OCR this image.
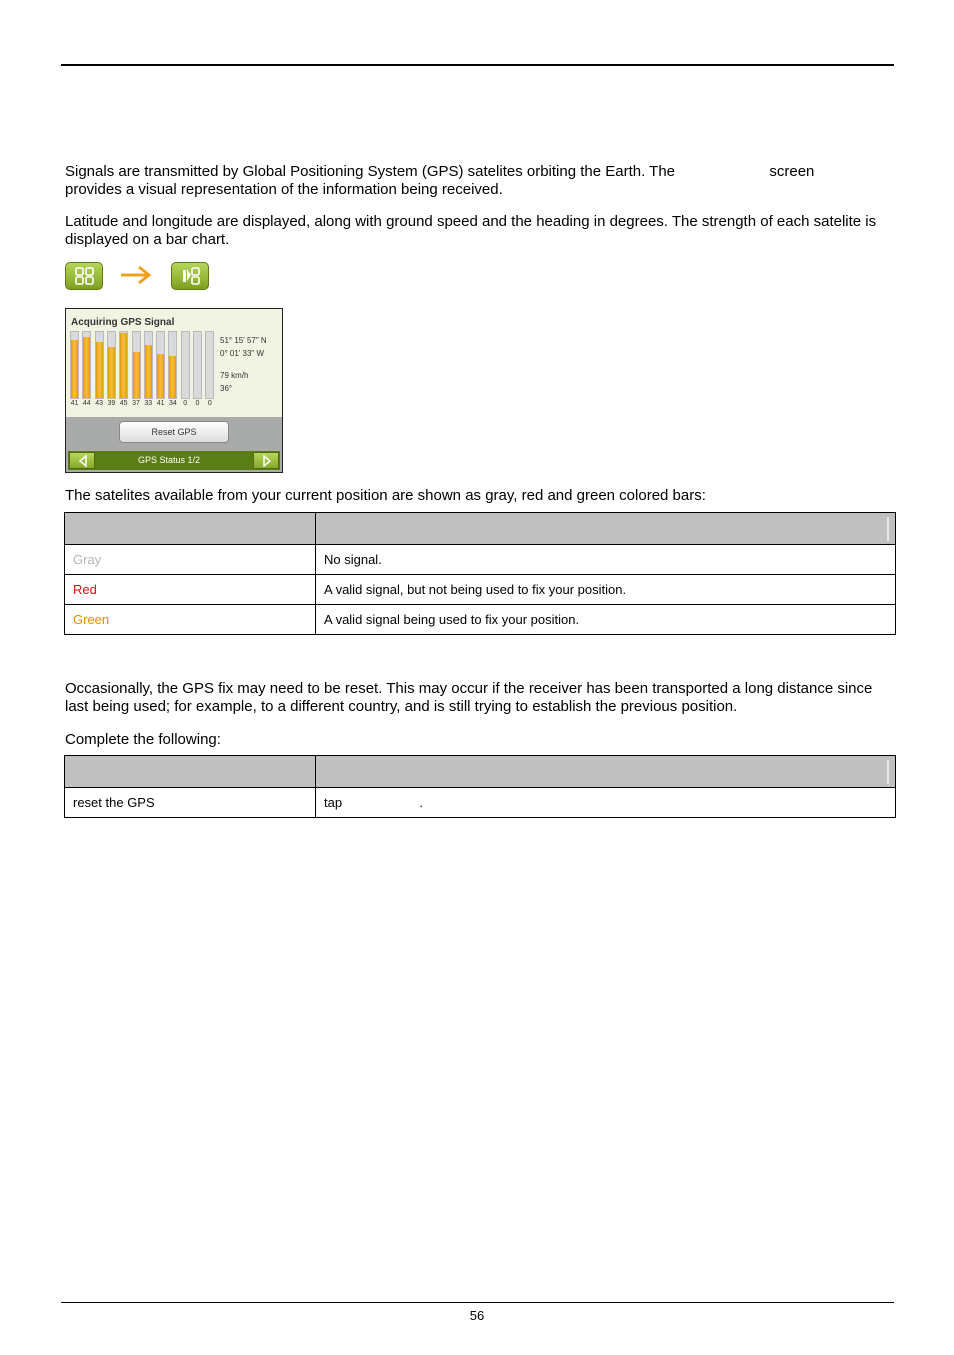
Signals are transmitted by Global Positioning System (GPS) satelites orbiting the Earth. The	screen
provides a visual representation of the information being received.

Latitude and longitude are displayed, along with ground speed and the heading in degrees. The strength of each satelite is displayed on a bar chart.

Acquiring GPS Signal
41 44 43 39 45 37 33 41 34 0	0	0
51° 15' 57" N
0° 01' 33" W
79 km/h
36°
Reset GPS
GPS Status 1/2

The satelites available from your current position are shown as gray, red and green colored bars:

Gray	No signal.
Red	A valid signal, but not being used to fix your position.
Green	A valid signal being used to fix your position.

Occasionally, the GPS fix may need to be reset. This may occur if the receiver has been transported a long distance since last being used; for example, to a different country, and is still trying to establish the previous position.

Complete the following:

reset the GPS	tap .
56
